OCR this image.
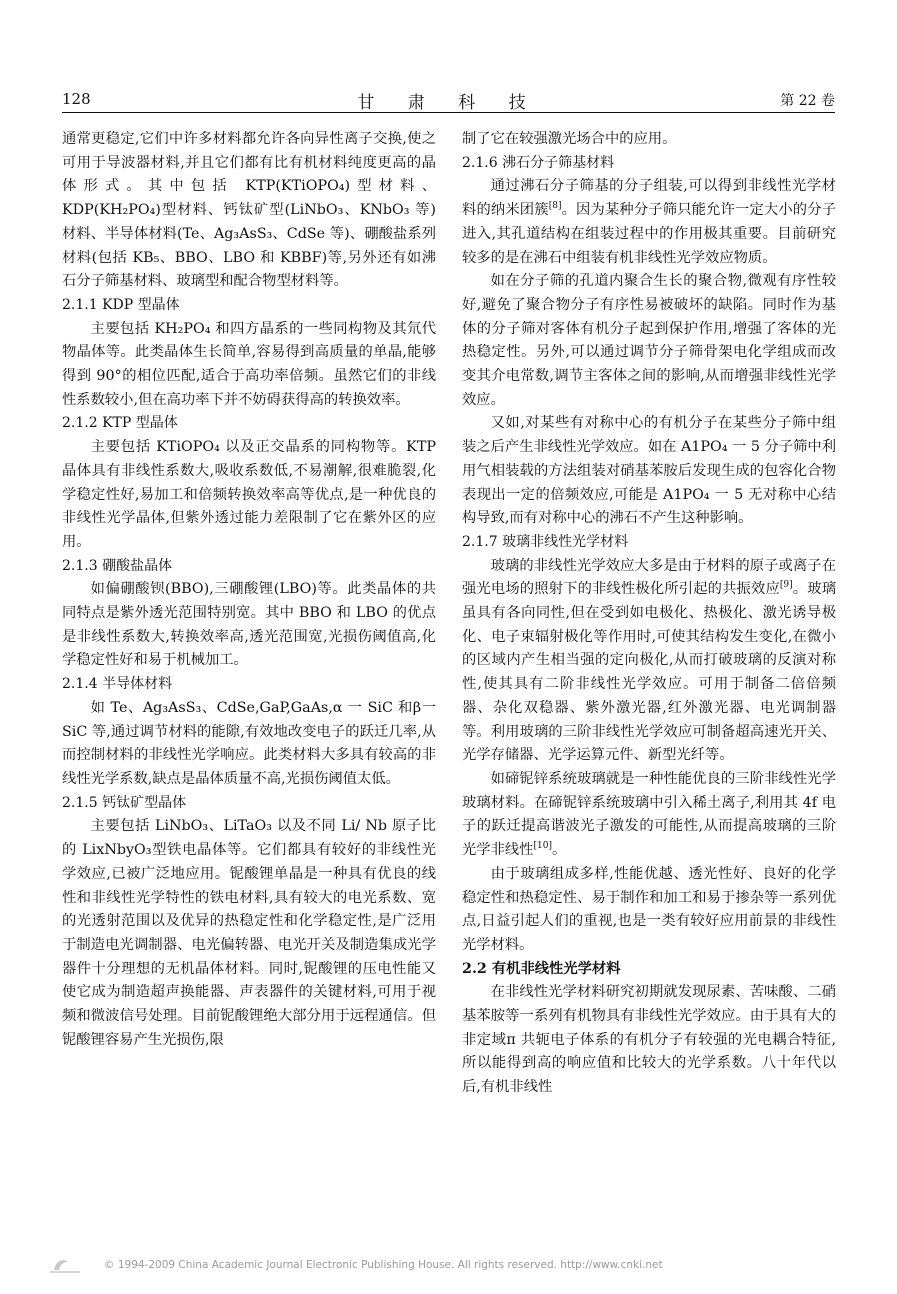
128	甘 肃 科 技	第 22 卷

通常更稳定,它们中许多材料都允许各向异性离子交换,使之可用于导波器材料,并且它们都有比有机材料纯度更高的晶体形式。其中包括 KTP(KTiOPO₄)型材料、KDP(KH₂PO₄)型材料、钙钛矿型(LiNbO₃、KNbO₃ 等)材料、半导体材料(Te、Ag₃AsS₃、CdSe 等)、硼酸盐系列材料(包括 KB₅、BBO、LBO 和 KBBF)等,另外还有如沸石分子筛基材料、玻璃型和配合物型材料等。

2.1.1 KDP 型晶体

主要包括 KH₂PO₄ 和四方晶系的一些同构物及其氘代物晶体等。此类晶体生长简单,容易得到高质量的单晶,能够得到 90°的相位匹配,适合于高功率倍频。虽然它们的非线性系数较小,但在高功率下并不妨碍获得高的转换效率。

2.1.2 KTP 型晶体

主要包括 KTiOPO₄ 以及正交晶系的同构物等。KTP 晶体具有非线性系数大,吸收系数低,不易潮解,很难脆裂,化学稳定性好,易加工和倍频转换效率高等优点,是一种优良的非线性光学晶体,但紫外透过能力差限制了它在紫外区的应用。

2.1.3 硼酸盐晶体

如偏硼酸钡(BBO),三硼酸锂(LBO)等。此类晶体的共同特点是紫外透光范围特别宽。其中 BBO 和 LBO 的优点是非线性系数大,转换效率高,透光范围宽,光损伤阈值高,化学稳定性好和易于机械加工。

2.1.4 半导体材料

如 Te、Ag₃AsS₃、CdSe,GaP,GaAs,α 一 SiC 和β一 SiC 等,通过调节材料的能隙,有效地改变电子的跃迁几率,从而控制材料的非线性光学响应。此类材料大多具有较高的非线性光学系数,缺点是晶体质量不高,光损伤阈值太低。

2.1.5 钙钛矿型晶体

主要包括 LiNbO₃、LiTaO₃ 以及不同 Li/ Nb 原子比的 LixNbyO₃型铁电晶体等。它们都具有较好的非线性光学效应,已被广泛地应用。铌酸锂单晶是一种具有优良的线性和非线性光学特性的铁电材料,具有较大的电光系数、宽的光透射范围以及优异的热稳定性和化学稳定性,是广泛用于制造电光调制器、电光偏转器、电光开关及制造集成光学器件十分理想的无机晶体材料。同时,铌酸锂的压电性能又使它成为制造超声换能器、声表器件的关键材料,可用于视频和微波信号处理。目前铌酸锂绝大部分用于远程通信。但铌酸锂容易产生光损伤,限

制了它在较强激光场合中的应用。

2.1.6 沸石分子筛基材料

通过沸石分子筛基的分子组装,可以得到非线性光学材料的纳米团簇[8]。因为某种分子筛只能允许一定大小的分子进入,其孔道结构在组装过程中的作用极其重要。目前研究较多的是在沸石中组装有机非线性光学效应物质。

如在分子筛的孔道内聚合生长的聚合物,微观有序性较好,避免了聚合物分子有序性易被破坏的缺陷。同时作为基体的分子筛对客体有机分子起到保护作用,增强了客体的光热稳定性。另外,可以通过调节分子筛骨架电化学组成而改变其介电常数,调节主客体之间的影响,从而增强非线性光学效应。

又如,对某些有对称中心的有机分子在某些分子筛中组装之后产生非线性光学效应。如在 A1PO₄ 一 5 分子筛中利用气相装载的方法组装对硝基苯胺后发现生成的包容化合物表现出一定的倍频效应,可能是 A1PO₄ 一 5 无对称中心结构导致,而有对称中心的沸石不产生这种影响。

2.1.7 玻璃非线性光学材料

玻璃的非线性光学效应大多是由于材料的原子或离子在强光电场的照射下的非线性极化所引起的共振效应[9]。玻璃虽具有各向同性,但在受到如电极化、热极化、激光诱导极化、电子束辐射极化等作用时,可使其结构发生变化,在微小的区域内产生相当强的定向极化,从而打破玻璃的反演对称性,使其具有二阶非线性光学效应。可用于制备二倍倍频器、杂化双稳器、紫外激光器,红外激光器、电光调制器等。利用玻璃的三阶非线性光学效应可制备超高速光开关、光学存储器、光学运算元件、新型光纤等。

如碲铌锌系统玻璃就是一种性能优良的三阶非线性光学玻璃材料。在碲铌锌系统玻璃中引入稀土离子,利用其 4f 电子的跃迁提高谐波光子激发的可能性,从而提高玻璃的三阶光学非线性[10]。

由于玻璃组成多样,性能优越、透光性好、良好的化学稳定性和热稳定性、易于制作和加工和易于掺杂等一系列优点,日益引起人们的重视,也是一类有较好应用前景的非线性光学材料。

2.2 有机非线性光学材料

在非线性光学材料研究初期就发现尿素、苦味酸、二硝基苯胺等一系列有机物具有非线性光学效应。由于具有大的非定域π 共轭电子体系的有机分子有较强的光电耦合特征,所以能得到高的响应值和比较大的光学系数。八十年代以后,有机非线性

© 1994-2009 China Academic Journal Electronic Publishing House. All rights reserved. http://www.cnki.net
